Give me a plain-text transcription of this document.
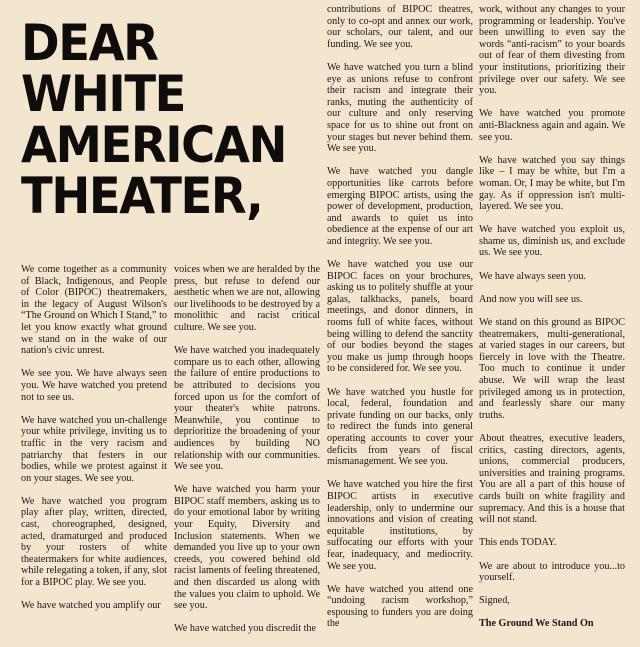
DEAR
WHITE
AMERICAN
THEATER,

We come together as a community of Black, Indigenous, and People of Color (BIPOC) theatremakers, in the legacy of August Wilson's “The Ground on Which I Stand,” to let you know exactly what ground we stand on in the wake of our nation's civic unrest.

We see you. We have always seen you. We have watched you pretend not to see us.

We have watched you un-challenge your white privilege, inviting us to traffic in the very racism and patriarchy that festers in our bodies, while we protest against it on your stages. We see you.

We have watched you program play after play, written, directed, cast, choreographed, designed, acted, dramaturged and produced by your rosters of white theatermakers for white audiences, while relegating a token, if any, slot for a BIPOC play. We see you.

We have watched you amplify our

voices when we are heralded by the press, but refuse to defend our aesthetic when we are not, allowing our livelihoods to be destroyed by a monolithic and racist critical culture. We see you.

We have watched you inadequately compare us to each other, allowing the failure of entire productions to be attributed to decisions you forced upon us for the comfort of your theater's white patrons. Meanwhile, you continue to deprioritize the broadening of your audiences by building NO relationship with our communities. We see you.

We have watched you harm your BIPOC staff members, asking us to do your emotional labor by writing your Equity, Diversity and Inclusion statements. When we demanded you live up to your own creeds, you cowered behind old racist laments of feeling threatened, and then discarded us along with the values you claim to uphold. We see you.

We have watched you discredit the

contributions of BIPOC theatres, only to co-opt and annex our work, our scholars, our talent, and our funding. We see you.

We have watched you turn a blind eye as unions refuse to confront their racism and integrate their ranks, muting the authenticity of our culture and only reserving space for us to shine out front on your stages but never behind them. We see you.

We have watched you dangle opportunities like carrots before emerging BIPOC artists, using the power of development, production, and awards to quiet us into obedience at the expense of our art and integrity. We see you.

We have watched you use our BIPOC faces on your brochures, asking us to politely shuffle at your galas, talkbacks, panels, board meetings, and donor dinners, in rooms full of white faces, without being willing to defend the sanctity of our bodies beyond the stages you make us jump through hoops to be considered for. We see you.

We have watched you hustle for local, federal, foundation and private funding on our backs, only to redirect the funds into general operating accounts to cover your deficits from years of fiscal mismanagement. We see you.

We have watched you hire the first BIPOC artists in executive leadership, only to undermine our innovations and vision of creating equitable institutions, by suffocating our efforts with your fear, inadequacy, and mediocrity. We see you.

We have watched you attend one “undoing racism workshop,” espousing to funders you are doing the

work, without any changes to your programming or leadership. You've been unwilling to even say the words “anti-racism” to your boards out of fear of them divesting from your institutions, prioritizing their privilege over our safety. We see you.

We have watched you promote anti-Blackness again and again. We see you.

We have watched you say things like – I may be white, but I'm a woman. Or, I may be white, but I'm gay. As if oppression isn't multi-layered. We see you.

We have watched you exploit us, shame us, diminish us, and exclude us. We see you.

We have always seen you.

And now you will see us.

We stand on this ground as BIPOC theatremakers, multi-generational, at varied stages in our careers, but fiercely in love with the Theatre. Too much to continue it under abuse. We will wrap the least privileged among us in protection, and fearlessly share our many truths.

About theatres, executive leaders, critics, casting directors, agents, unions, commercial producers, universities and training programs. You are all a part of this house of cards built on white fragility and supremacy. And this is a house that will not stand.

This ends TODAY.

We are about to introduce you...to yourself.

Signed,

The Ground We Stand On
